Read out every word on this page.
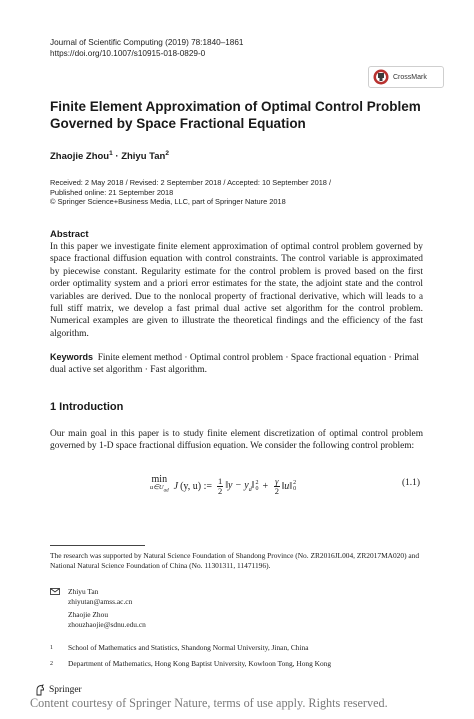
Journal of Scientific Computing (2019) 78:1840–1861
https://doi.org/10.1007/s10915-018-0829-0
CrossMark
Finite Element Approximation of Optimal Control Problem Governed by Space Fractional Equation
Zhaojie Zhou$^1$ · Zhiyu Tan$^2$
Received: 2 May 2018 / Revised: 2 September 2018 / Accepted: 10 September 2018 /
Published online: 21 September 2018
© Springer Science+Business Media, LLC, part of Springer Nature 2018
Abstract
In this paper we investigate finite element approximation of optimal control problem governed by space fractional diffusion equation with control constraints. The control variable is approximated by piecewise constant. Regularity estimate for the control problem is proved based on the first order optimality system and a priori error estimates for the state, the adjoint state and the control variables are derived. Due to the nonlocal property of fractional derivative, which will leads to a full stiff matrix, we develop a fast primal dual active set algorithm for the control problem. Numerical examples are given to illustrate the theoretical findings and the efficiency of the fast algorithm.
Keywords Finite element method · Optimal control problem · Space fractional equation · Primal dual active set algorithm · Fast algorithm.
1 Introduction
Our main goal in this paper is to study finite element discretization of optimal control problem governed by 1-D space fractional diffusion equation. We consider the following control problem:
min
$u\in U_{ad}$ J (y, u) := $\frac{1}{2}$ ‖y − $y_d‖$ 2
$0 + \frac{\gamma}{2}$ ‖u‖ 2
0
(1.1)
The research was supported by Natural Science Foundation of Shandong Province (No. ZR2016JL004, ZR2017MA020) and National Natural Science Foundation of China (No. 11301311, 11471196).
Zhiyu Tan
zhiyutan@amss.ac.cn
Zhaojie Zhou
zhouzhaojie@sdnu.edu.cn
1 School of Mathematics and Statistics, Shandong Normal University, Jinan, China
2 Department of Mathematics, Hong Kong Baptist University, Kowloon Tong, Hong Kong
Springer
Content courtesy of Springer Nature, terms of use apply. Rights reserved.
